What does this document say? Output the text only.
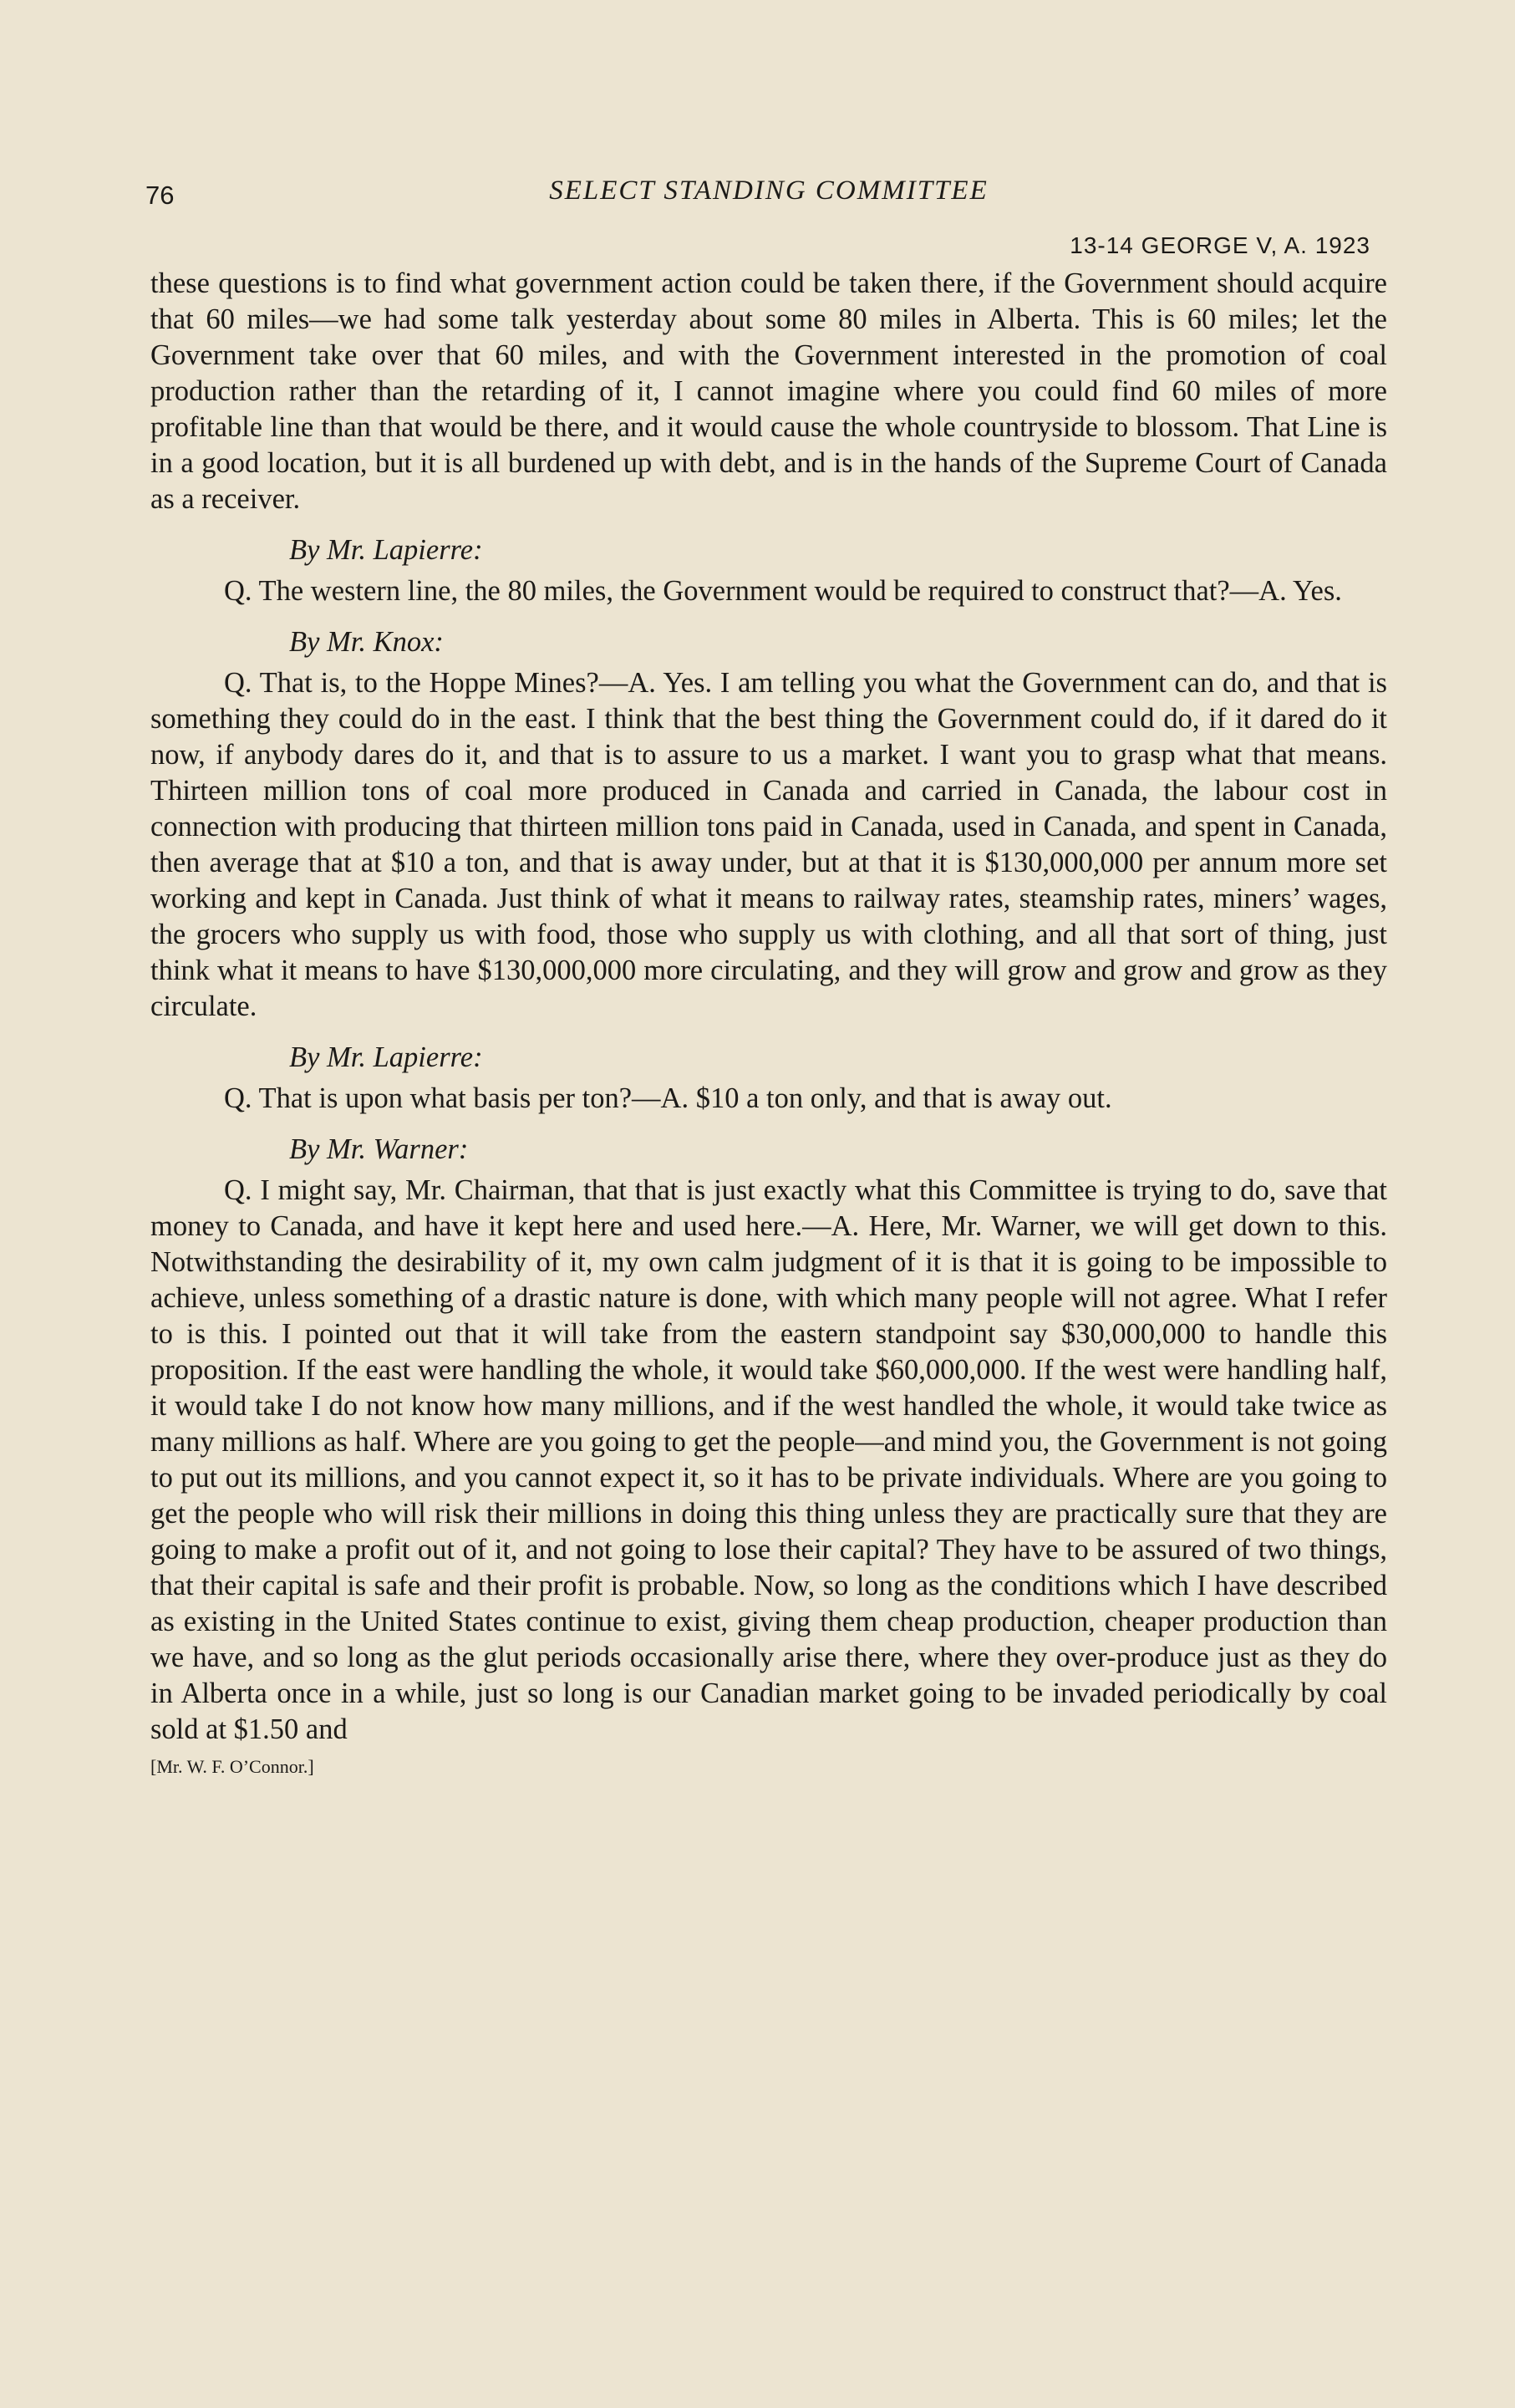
76	SELECT STANDING COMMITTEE
13-14 GEORGE V, A. 1923

these questions is to find what government action could be taken there, if the Government should acquire that 60 miles—we had some talk yesterday about some 80 miles in Alberta. This is 60 miles; let the Government take over that 60 miles, and with the Government interested in the promotion of coal production rather than the retarding of it, I cannot imagine where you could find 60 miles of more profitable line than that would be there, and it would cause the whole countryside to blossom. That Line is in a good location, but it is all burdened up with debt, and is in the hands of the Supreme Court of Canada as a receiver.

By Mr. Lapierre:

Q. The western line, the 80 miles, the Government would be required to construct that?—A. Yes.

By Mr. Knox:

Q. That is, to the Hoppe Mines?—A. Yes. I am telling you what the Government can do, and that is something they could do in the east. I think that the best thing the Government could do, if it dared do it now, if anybody dares do it, and that is to assure to us a market. I want you to grasp what that means. Thirteen million tons of coal more produced in Canada and carried in Canada, the labour cost in connection with producing that thirteen million tons paid in Canada, used in Canada, and spent in Canada, then average that at $10 a ton, and that is away under, but at that it is $130,000,000 per annum more set working and kept in Canada. Just think of what it means to railway rates, steamship rates, miners’ wages, the grocers who supply us with food, those who supply us with clothing, and all that sort of thing, just think what it means to have $130,000,000 more circulating, and they will grow and grow and grow as they circulate.

By Mr. Lapierre:

Q. That is upon what basis per ton?—A. $10 a ton only, and that is away out.

By Mr. Warner:

Q. I might say, Mr. Chairman, that that is just exactly what this Committee is trying to do, save that money to Canada, and have it kept here and used here.—A. Here, Mr. Warner, we will get down to this. Notwithstanding the desirability of it, my own calm judgment of it is that it is going to be impossible to achieve, unless something of a drastic nature is done, with which many people will not agree. What I refer to is this. I pointed out that it will take from the eastern standpoint say $30,000,000 to handle this proposition. If the east were handling the whole, it would take $60,000,000. If the west were handling half, it would take I do not know how many millions, and if the west handled the whole, it would take twice as many millions as half. Where are you going to get the people—and mind you, the Government is not going to put out its millions, and you cannot expect it, so it has to be private individuals. Where are you going to get the people who will risk their millions in doing this thing unless they are practically sure that they are going to make a profit out of it, and not going to lose their capital? They have to be assured of two things, that their capital is safe and their profit is probable. Now, so long as the conditions which I have described as existing in the United States continue to exist, giving them cheap production, cheaper production than we have, and so long as the glut periods occasionally arise there, where they over-produce just as they do in Alberta once in a while, just so long is our Canadian market going to be invaded periodically by coal sold at $1.50 and

[Mr. W. F. O’Connor.]
